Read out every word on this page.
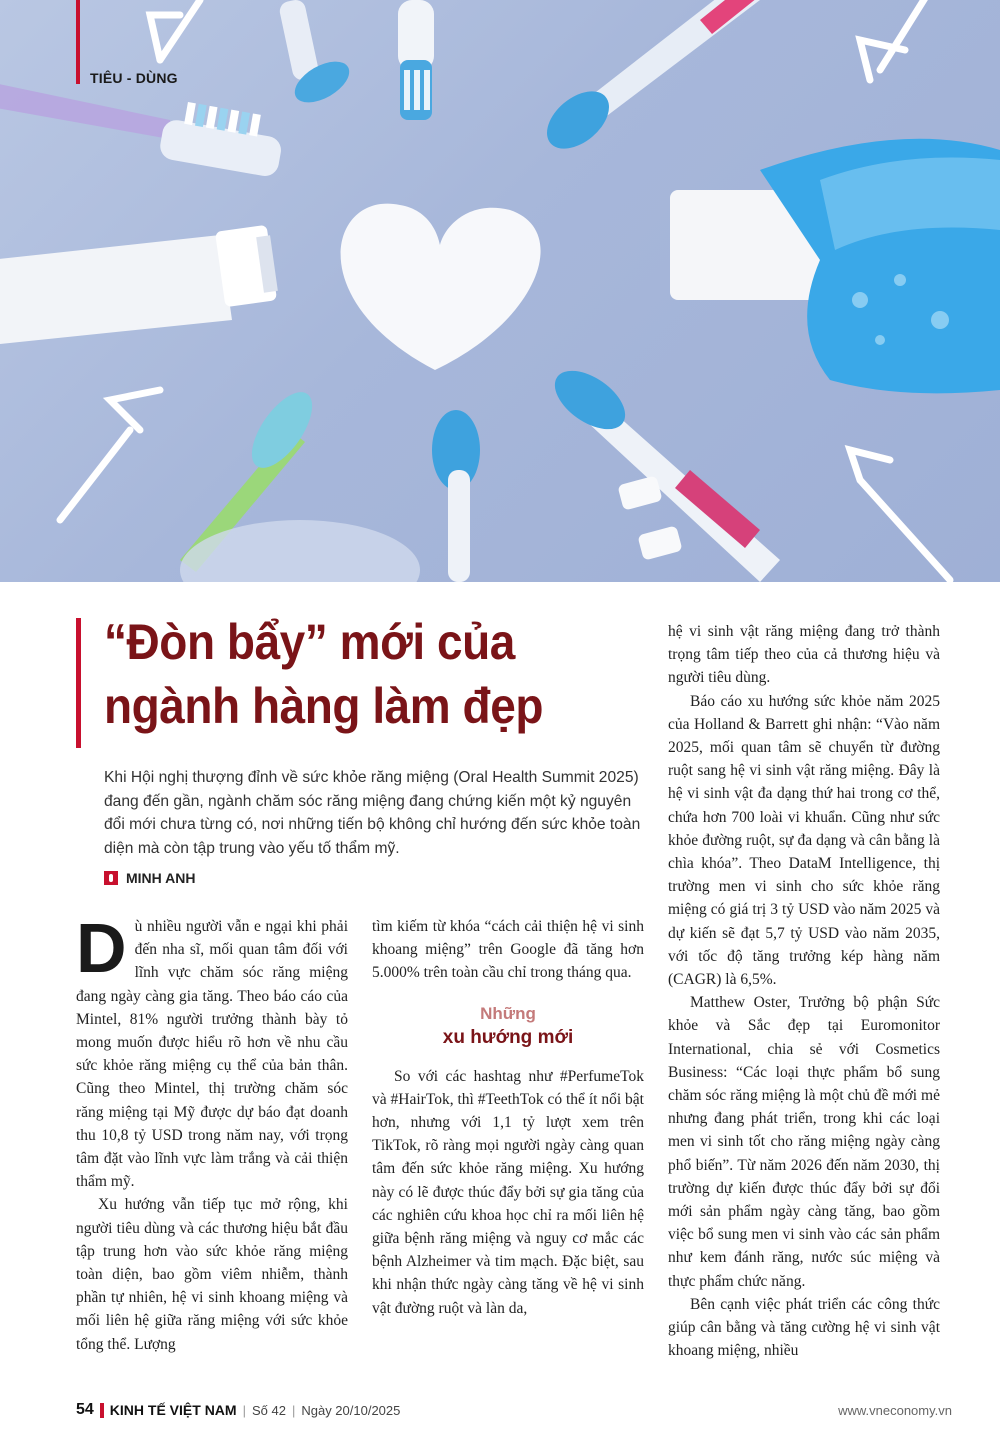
TIÊU - DÙNG
“Đòn bẩy” mới của
ngành hàng làm đẹp

Khi Hội nghị thượng đỉnh về sức khỏe răng miệng (Oral Health Summit 2025) đang đến gần, ngành chăm sóc răng miệng đang chứng kiến một kỷ nguyên đổi mới chưa từng có, nơi những tiến bộ không chỉ hướng đến sức khỏe toàn diện mà còn tập trung vào yếu tố thẩm mỹ.

MINH ANH

Dù nhiều người vẫn e ngại khi phải đến nha sĩ, mối quan tâm đối với lĩnh vực chăm sóc răng miệng đang ngày càng gia tăng. Theo báo cáo của Mintel, 81% người trưởng thành bày tỏ mong muốn được hiểu rõ hơn về nhu cầu sức khỏe răng miệng cụ thể của bản thân. Cũng theo Mintel, thị trường chăm sóc răng miệng tại Mỹ được dự báo đạt doanh thu 10,8 tỷ USD trong năm nay, với trọng tâm đặt vào lĩnh vực làm trắng và cải thiện thẩm mỹ.

Xu hướng vẫn tiếp tục mở rộng, khi người tiêu dùng và các thương hiệu bắt đầu tập trung hơn vào sức khỏe răng miệng toàn diện, bao gồm viêm nhiễm, thành phần tự nhiên, hệ vi sinh khoang miệng và mối liên hệ giữa răng miệng với sức khỏe tổng thể. Lượng

tìm kiếm từ khóa “cách cải thiện hệ vi sinh khoang miệng” trên Google đã tăng hơn 5.000% trên toàn cầu chỉ trong tháng qua.

Những
xu hướng mới

So với các hashtag như #PerfumeTok và #HairTok, thì #TeethTok có thể ít nổi bật hơn, nhưng với 1,1 tỷ lượt xem trên TikTok, rõ ràng mọi người ngày càng quan tâm đến sức khỏe răng miệng. Xu hướng này có lẽ được thúc đẩy bởi sự gia tăng của các nghiên cứu khoa học chỉ ra mối liên hệ giữa bệnh răng miệng và nguy cơ mắc các bệnh Alzheimer và tim mạch. Đặc biệt, sau khi nhận thức ngày càng tăng về hệ vi sinh vật đường ruột và làn da,

hệ vi sinh vật răng miệng đang trở thành trọng tâm tiếp theo của cả thương hiệu và người tiêu dùng.

Báo cáo xu hướng sức khỏe năm 2025 của Holland & Barrett ghi nhận: “Vào năm 2025, mối quan tâm sẽ chuyển từ đường ruột sang hệ vi sinh vật răng miệng. Đây là hệ vi sinh vật đa dạng thứ hai trong cơ thể, chứa hơn 700 loài vi khuẩn. Cũng như sức khỏe đường ruột, sự đa dạng và cân bằng là chìa khóa”. Theo DataM Intelligence, thị trường men vi sinh cho sức khỏe răng miệng có giá trị 3 tỷ USD vào năm 2025 và dự kiến sẽ đạt 5,7 tỷ USD vào năm 2035, với tốc độ tăng trưởng kép hàng năm (CAGR) là 6,5%.

Matthew Oster, Trưởng bộ phận Sức khỏe và Sắc đẹp tại Euromonitor International, chia sẻ với Cosmetics Business: “Các loại thực phẩm bổ sung chăm sóc răng miệng là một chủ đề mới mẻ nhưng đang phát triển, trong khi các loại men vi sinh tốt cho răng miệng ngày càng phổ biến”. Từ năm 2026 đến năm 2030, thị trường dự kiến được thúc đẩy bởi sự đổi mới sản phẩm ngày càng tăng, bao gồm việc bổ sung men vi sinh vào các sản phẩm như kem đánh răng, nước súc miệng và thực phẩm chức năng.

Bên cạnh việc phát triển các công thức giúp cân bằng và tăng cường hệ vi sinh vật khoang miệng, nhiều

54 KINH TẾ VIỆT NAM | Số 42 | Ngày 20/10/2025	www.vneconomy.vn
